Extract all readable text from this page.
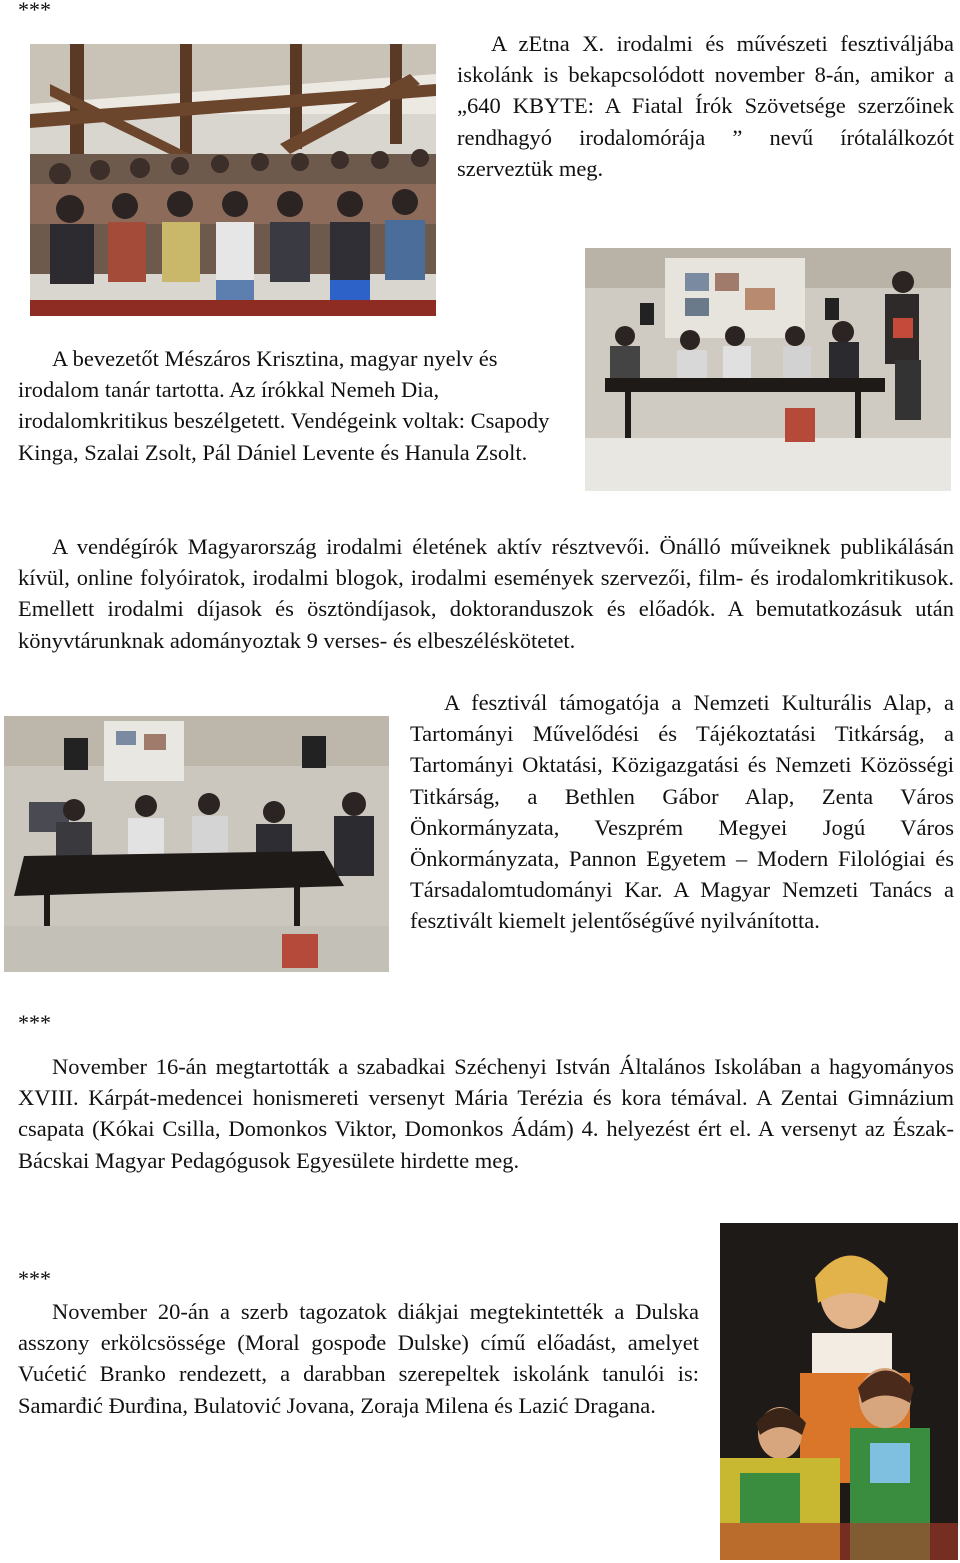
***

A zEtna X. irodalmi és művészeti fesztiváljába iskolánk is bekapcsolódott november 8-án, amikor a „640 KBYTE: A Fiatal Írók Szövetsége szerzőinek rendhagyó irodalomórája ” nevű írótalálkozót szerveztük meg.

A bevezetőt Mészáros Krisztina, magyar nyelv és irodalom tanár tartotta. Az írókkal Nemeh Dia, irodalomkritikus beszélgetett. Vendégeink voltak: Csapody Kinga, Szalai Zsolt, Pál Dániel Levente és Hanula Zsolt.

A vendégírók Magyarország irodalmi életének aktív résztvevői. Önálló műveiknek publikálásán kívül, online folyóiratok, irodalmi blogok, irodalmi események szervezői, film- és irodalomkritikusok. Emellett irodalmi díjasok és ösztöndíjasok, doktoranduszok és előadók. A bemutatkozásuk után könyvtárunknak adományoztak 9 verses- és elbeszéléskötetet.

A fesztivál támogatója a Nemzeti Kulturális Alap, a Tartományi Művelődési és Tájékoztatási Titkárság, a Tartományi Oktatási, Közigazgatási és Nemzeti Közösségi Titkárság, a Bethlen Gábor Alap, Zenta Város Önkormányzata, Veszprém Megyei Jogú Város Önkormányzata, Pannon Egyetem – Modern Filológiai és Társadalomtudományi Kar. A Magyar Nemzeti Tanács a fesztivált kiemelt jelentőségűvé nyilvánította.

***

November 16-án megtartották a szabadkai Széchenyi István Általános Iskolában a hagyományos XVIII. Kárpát-medencei honismereti versenyt Mária Terézia és kora témával. A Zentai Gimnázium csapata (Kókai Csilla, Domonkos Viktor, Domonkos Ádám) 4. helyezést ért el. A versenyt az Észak-Bácskai Magyar Pedagógusok Egyesülete hirdette meg.

***

November 20-án a szerb tagozatok diákjai megtekintették a Dulska asszony erkölcsössége (Moral gospođe Dulske) című előadást, amelyet Vućetić Branko rendezett, a darabban szerepeltek iskolánk tanulói is: Samarđić Đurđina, Bulatović Jovana, Zoraja Milena és Lazić Dragana.
